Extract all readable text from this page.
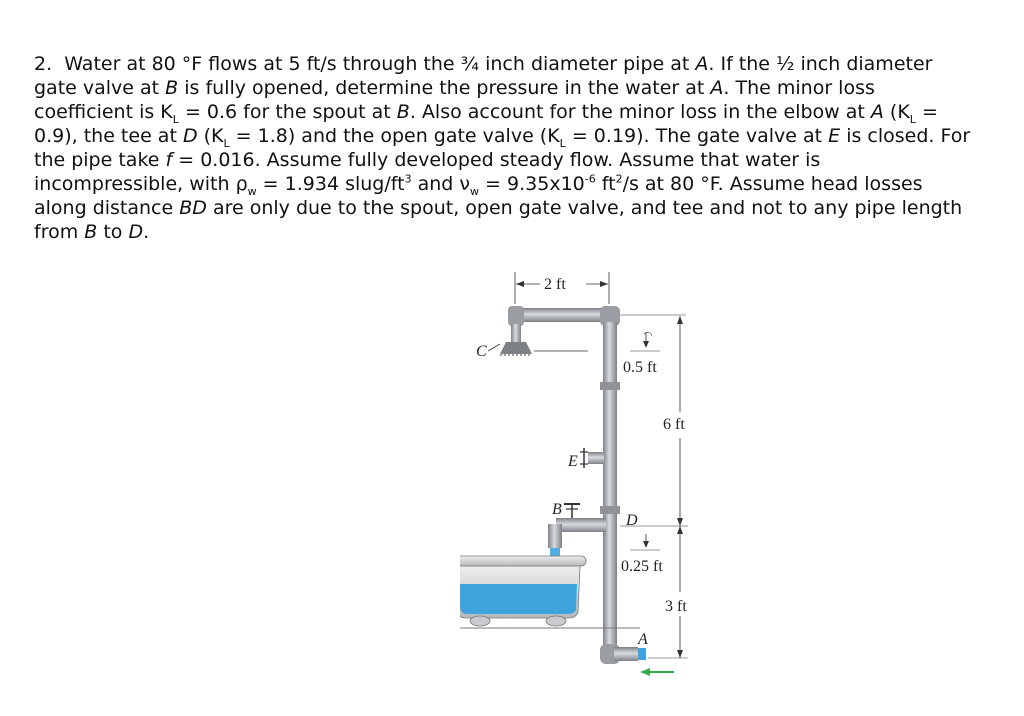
2. Water at 80 °F flows at 5 ft/s through the ¾ inch diameter pipe at A. If the ½ inch diameter gate valve at B is fully opened, determine the pressure in the water at A. The minor loss coefficient is $K_L = 0.6$ for the spout at B. Also account for the minor loss in the elbow at A $(K_L = 0.9)$, the tee at D $(K_L = 1.8)$ and the open gate valve $(K_L = 0.19)$. The gate valve at E is closed. For the pipe take f = 0.016. Assume fully developed steady flow. Assume that water is incompressible, with $\rho_w = 1.934$ slug/$ft^3$ and $\nu_w = 9.35x10^{-6}$ $ft^2/s$ at 80 °F. Assume head losses along distance BD are only due to the spout, open gate valve, and tee and not to any pipe length from B to D.

2 ft
C
E
B
D
A
0.5 ft
6 ft
0.25 ft
3 ft
